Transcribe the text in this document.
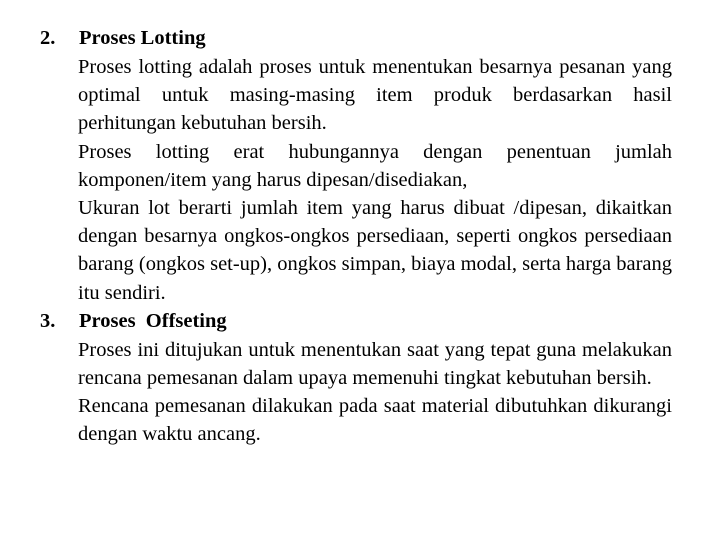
2.	Proses Lotting

Proses lotting adalah proses untuk menentukan besarnya pesanan yang optimal untuk masing-masing item produk berdasarkan hasil perhitungan kebutuhan bersih.

Proses lotting erat hubungannya dengan penentuan jumlah komponen/item yang harus dipesan/disediakan,

Ukuran lot berarti jumlah item yang harus dibuat /dipesan, dikaitkan dengan besarnya ongkos-ongkos persediaan, seperti ongkos persediaan barang (ongkos set-up), ongkos simpan, biaya modal, serta harga barang itu sendiri.

3.	Proses  Offseting

Proses ini ditujukan untuk menentukan saat yang tepat guna melakukan rencana pemesanan dalam upaya memenuhi tingkat kebutuhan bersih.

Rencana pemesanan dilakukan pada saat material dibutuhkan dikurangi dengan waktu ancang.
